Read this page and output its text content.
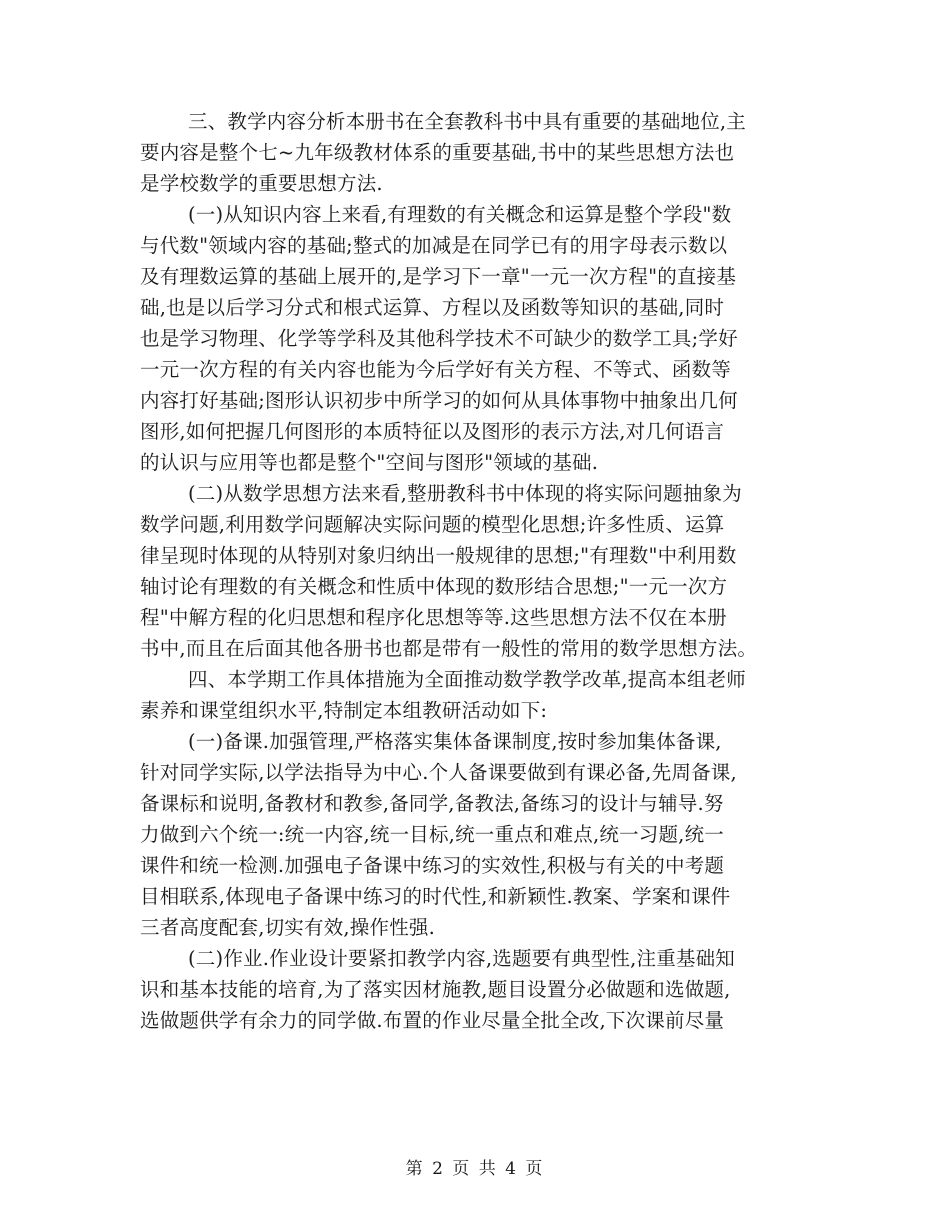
三、教学内容分析本册书在全套教科书中具有重要的基础地位,主
要内容是整个七~九年级教材体系的重要基础,书中的某些思想方法也
是学校数学的重要思想方法.
(一)从知识内容上来看,有理数的有关概念和运算是整个学段"数
与代数"领域内容的基础;整式的加减是在同学已有的用字母表示数以
及有理数运算的基础上展开的,是学习下一章"一元一次方程"的直接基
础,也是以后学习分式和根式运算、方程以及函数等知识的基础,同时
也是学习物理、化学等学科及其他科学技术不可缺少的数学工具;学好
一元一次方程的有关内容也能为今后学好有关方程、不等式、函数等
内容打好基础;图形认识初步中所学习的如何从具体事物中抽象出几何
图形,如何把握几何图形的本质特征以及图形的表示方法,对几何语言
的认识与应用等也都是整个"空间与图形"领域的基础.
(二)从数学思想方法来看,整册教科书中体现的将实际问题抽象为
数学问题,利用数学问题解决实际问题的模型化思想;许多性质、运算
律呈现时体现的从特别对象归纳出一般规律的思想;"有理数"中利用数
轴讨论有理数的有关概念和性质中体现的数形结合思想;"一元一次方
程"中解方程的化归思想和程序化思想等等.这些思想方法不仅在本册
书中,而且在后面其他各册书也都是带有一般性的常用的数学思想方法。
四、本学期工作具体措施为全面推动数学教学改革,提高本组老师
素养和课堂组织水平,特制定本组教研活动如下:
(一)备课.加强管理,严格落实集体备课制度,按时参加集体备课,
针对同学实际,以学法指导为中心.个人备课要做到有课必备,先周备课,
备课标和说明,备教材和教参,备同学,备教法,备练习的设计与辅导.努
力做到六个统一:统一内容,统一目标,统一重点和难点,统一习题,统一
课件和统一检测.加强电子备课中练习的实效性,积极与有关的中考题
目相联系,体现电子备课中练习的时代性,和新颖性.教案、学案和课件
三者高度配套,切实有效,操作性强.
(二)作业.作业设计要紧扣教学内容,选题要有典型性,注重基础知
识和基本技能的培育,为了落实因材施教,题目设置分必做题和选做题,
选做题供学有余力的同学做.布置的作业尽量全批全改,下次课前尽量
第 2 页 共 4 页
